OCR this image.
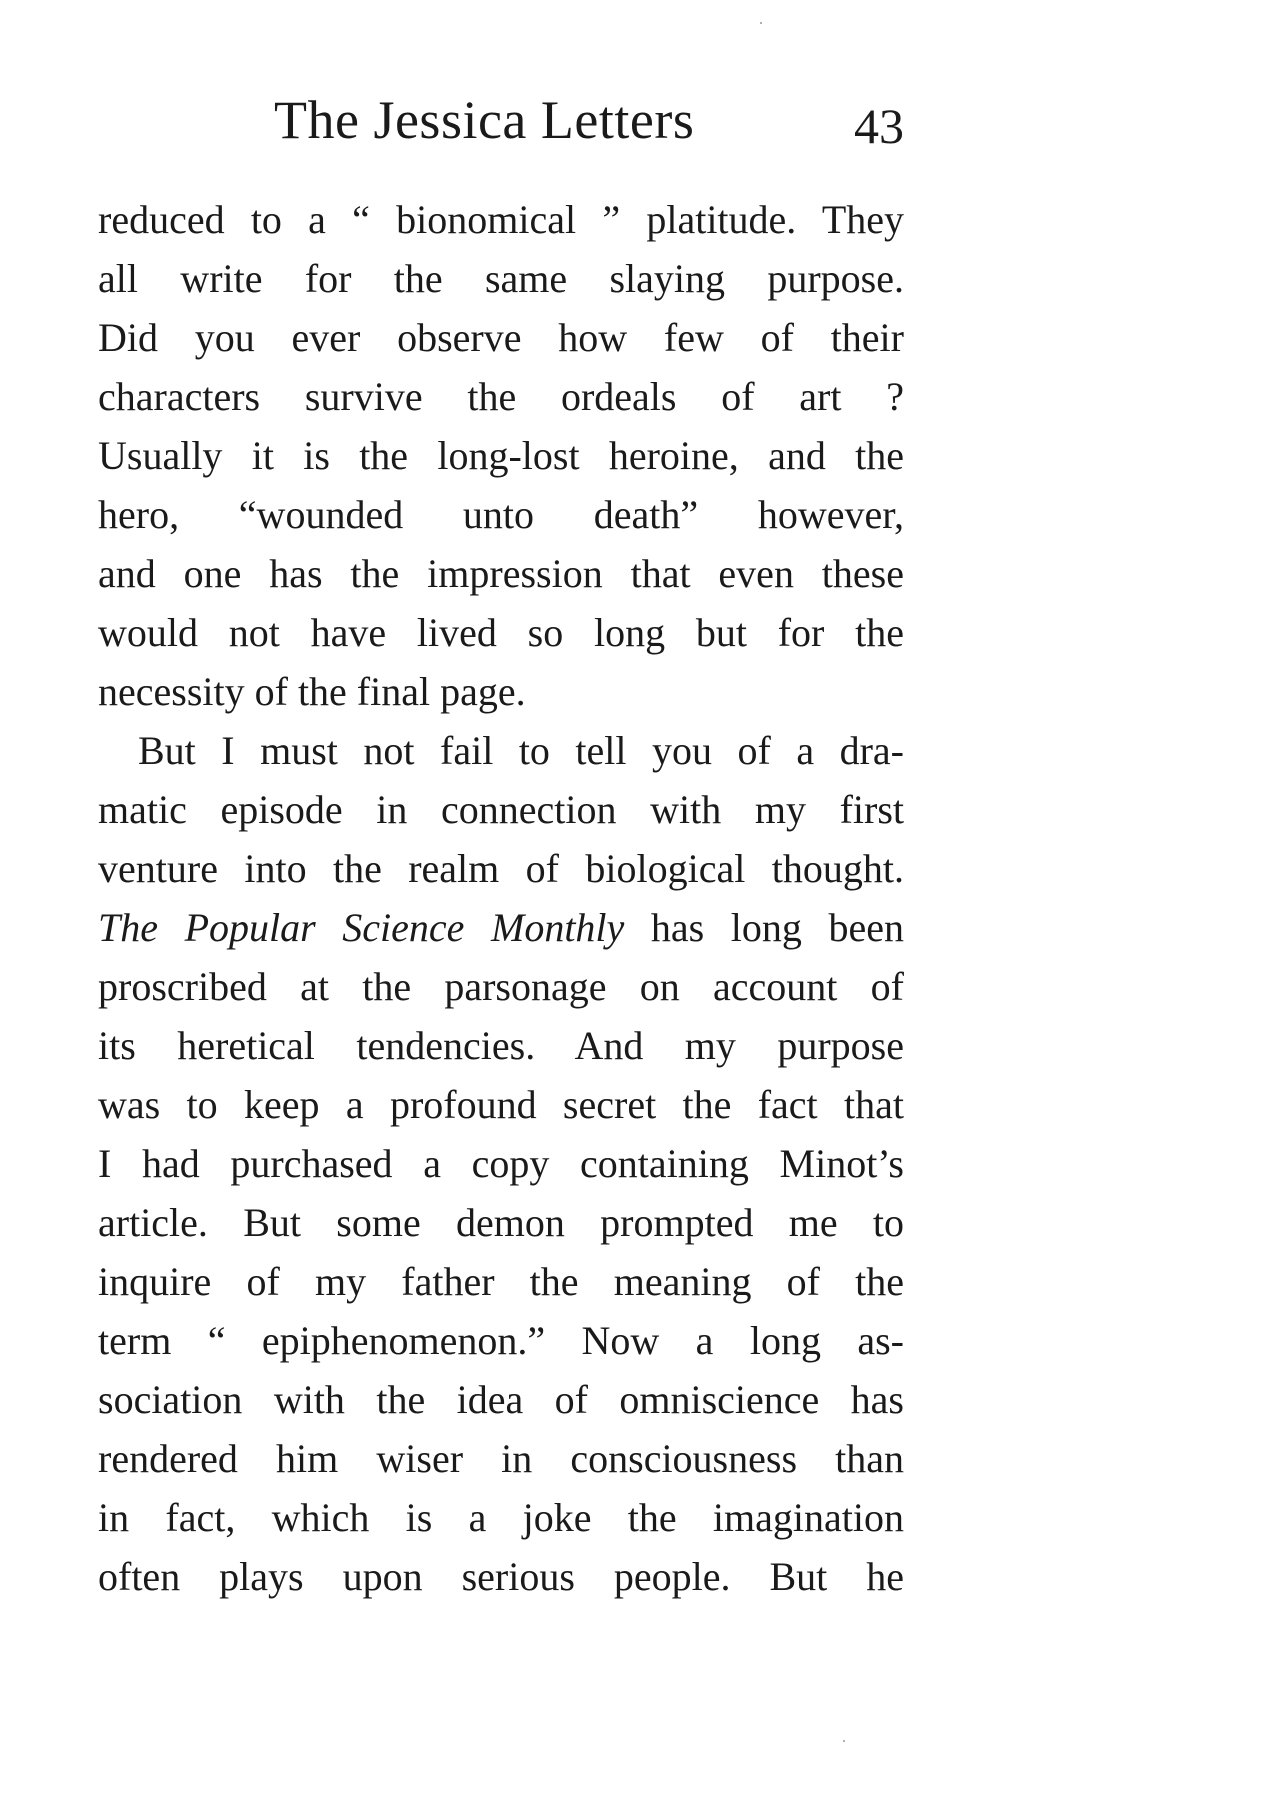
The Jessica Letters	43
reduced to a “ bionomical ” platitude. They
all write for the same slaying purpose.
Did you ever observe how few of their
characters survive the ordeals of art ?
Usually it is the long-lost heroine, and the
hero, “wounded unto death” however,
and one has the impression that even these
would not have lived so long but for the
necessity of the final page.
But I must not fail to tell you of a dra-
matic episode in connection with my first
venture into the realm of biological thought.
The Popular Science Monthly has long been
proscribed at the parsonage on account of
its heretical tendencies. And my purpose
was to keep a profound secret the fact that
I had purchased a copy containing Minot’s
article. But some demon prompted me to
inquire of my father the meaning of the
term “ epiphenomenon.” Now a long as-
sociation with the idea of omniscience has
rendered him wiser in consciousness than
in fact, which is a joke the imagination
often plays upon serious people. But he
